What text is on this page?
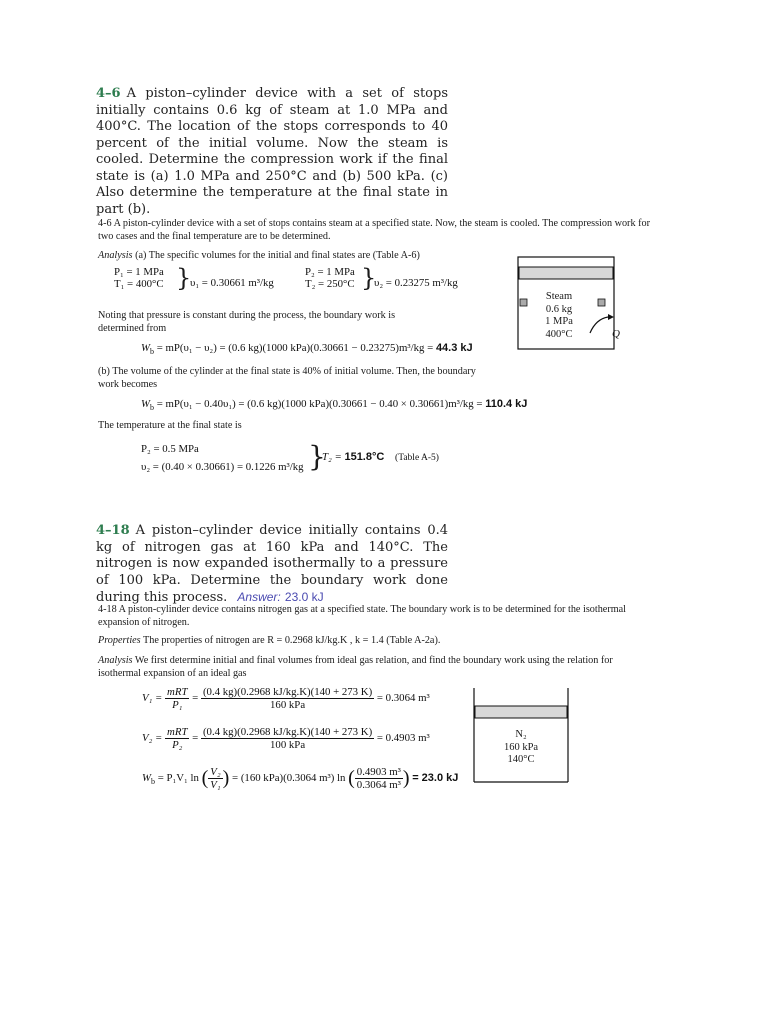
4–6 A piston–cylinder device with a set of stops initially contains 0.6 kg of steam at 1.0 MPa and 400°C. The location of the stops corresponds to 40 percent of the initial volume. Now the steam is cooled. Determine the compression work if the final state is (a) 1.0 MPa and 250°C and (b) 500 kPa. (c) Also determine the temperature at the final state in part (b).
4-6 A piston-cylinder device with a set of stops contains steam at a specified state. Now, the steam is cooled. The compression work for two cases and the final temperature are to be determined.
Analysis (a) The specific volumes for the initial and final states are (Table A-6)
P₁ = 1 MPa
T₁ = 400°C }
υ₁ = 0.30661 m³/kg
P₂ = 1 MPa
T₂ = 250°C }
υ₂ = 0.23275 m³/kg
Noting that pressure is constant during the process, the boundary work is determined from
$W_b = mP(\upsilon_1 - \upsilon_2) = (0.6$ kg)(1000 kPa)(0.30661 − 0.23275)m³/kg = 44.3 kJ
(b) The volume of the cylinder at the final state is 40% of initial volume. Then, the boundary work becomes
$W_b = mP(\upsilon_1 - 0.40\upsilon_1) = (0.6$ kg)(1000 kPa)(0.30661 − 0.40 × 0.30661)m³/kg = 110.4 kJ
The temperature at the final state is
P₂ = 0.5 MPa
υ₂ = (0.40 × 0.30661) = 0.1226 m³/kg }
T₂ = 151.8°C (Table A-5)
Steam
0.6 kg
1 MPa
400°C	Q
4–18 A piston–cylinder device initially contains 0.4 kg of nitrogen gas at 160 kPa and 140°C. The nitrogen is now expanded isothermally to a pressure of 100 kPa. Determine the boundary work done during this process. Answer: 23.0 kJ
4-18 A piston-cylinder device contains nitrogen gas at a specified state. The boundary work is to be determined for the isothermal expansion of nitrogen.
Properties The properties of nitrogen are R = 0.2968 kJ/kg.K , k = 1.4 (Table A-2a).
Analysis We first determine initial and final volumes from ideal gas relation, and find the boundary work using the relation for isothermal expansion of an ideal gas
$V_1 = \frac{\text{mRT}}{\text{P₁}} = \frac{(0.4 kg)(0.2968 kJ/kg.K)(140 + 273 K)}{\text{160 kPa}} = 0.3064$ m³
$V_2 = \frac{\text{mRT}}{\text{P₂}} = \frac{(0.4 kg)(0.2968 kJ/kg.K)(140 + 273 K)}{\text{100 kPa}} = 0.4903$ m³
$W_b = P_1V_1$ ln ( $\frac{\text{V₂}}{\text{V₁}}$ ) = (160 kPa)(0.3064 m³) ln ( $\frac{\text{0.4903 m³}}{\text{0.3064 m³}}$ ) = 23.0 kJ
N₂
160 kPa
140°C
